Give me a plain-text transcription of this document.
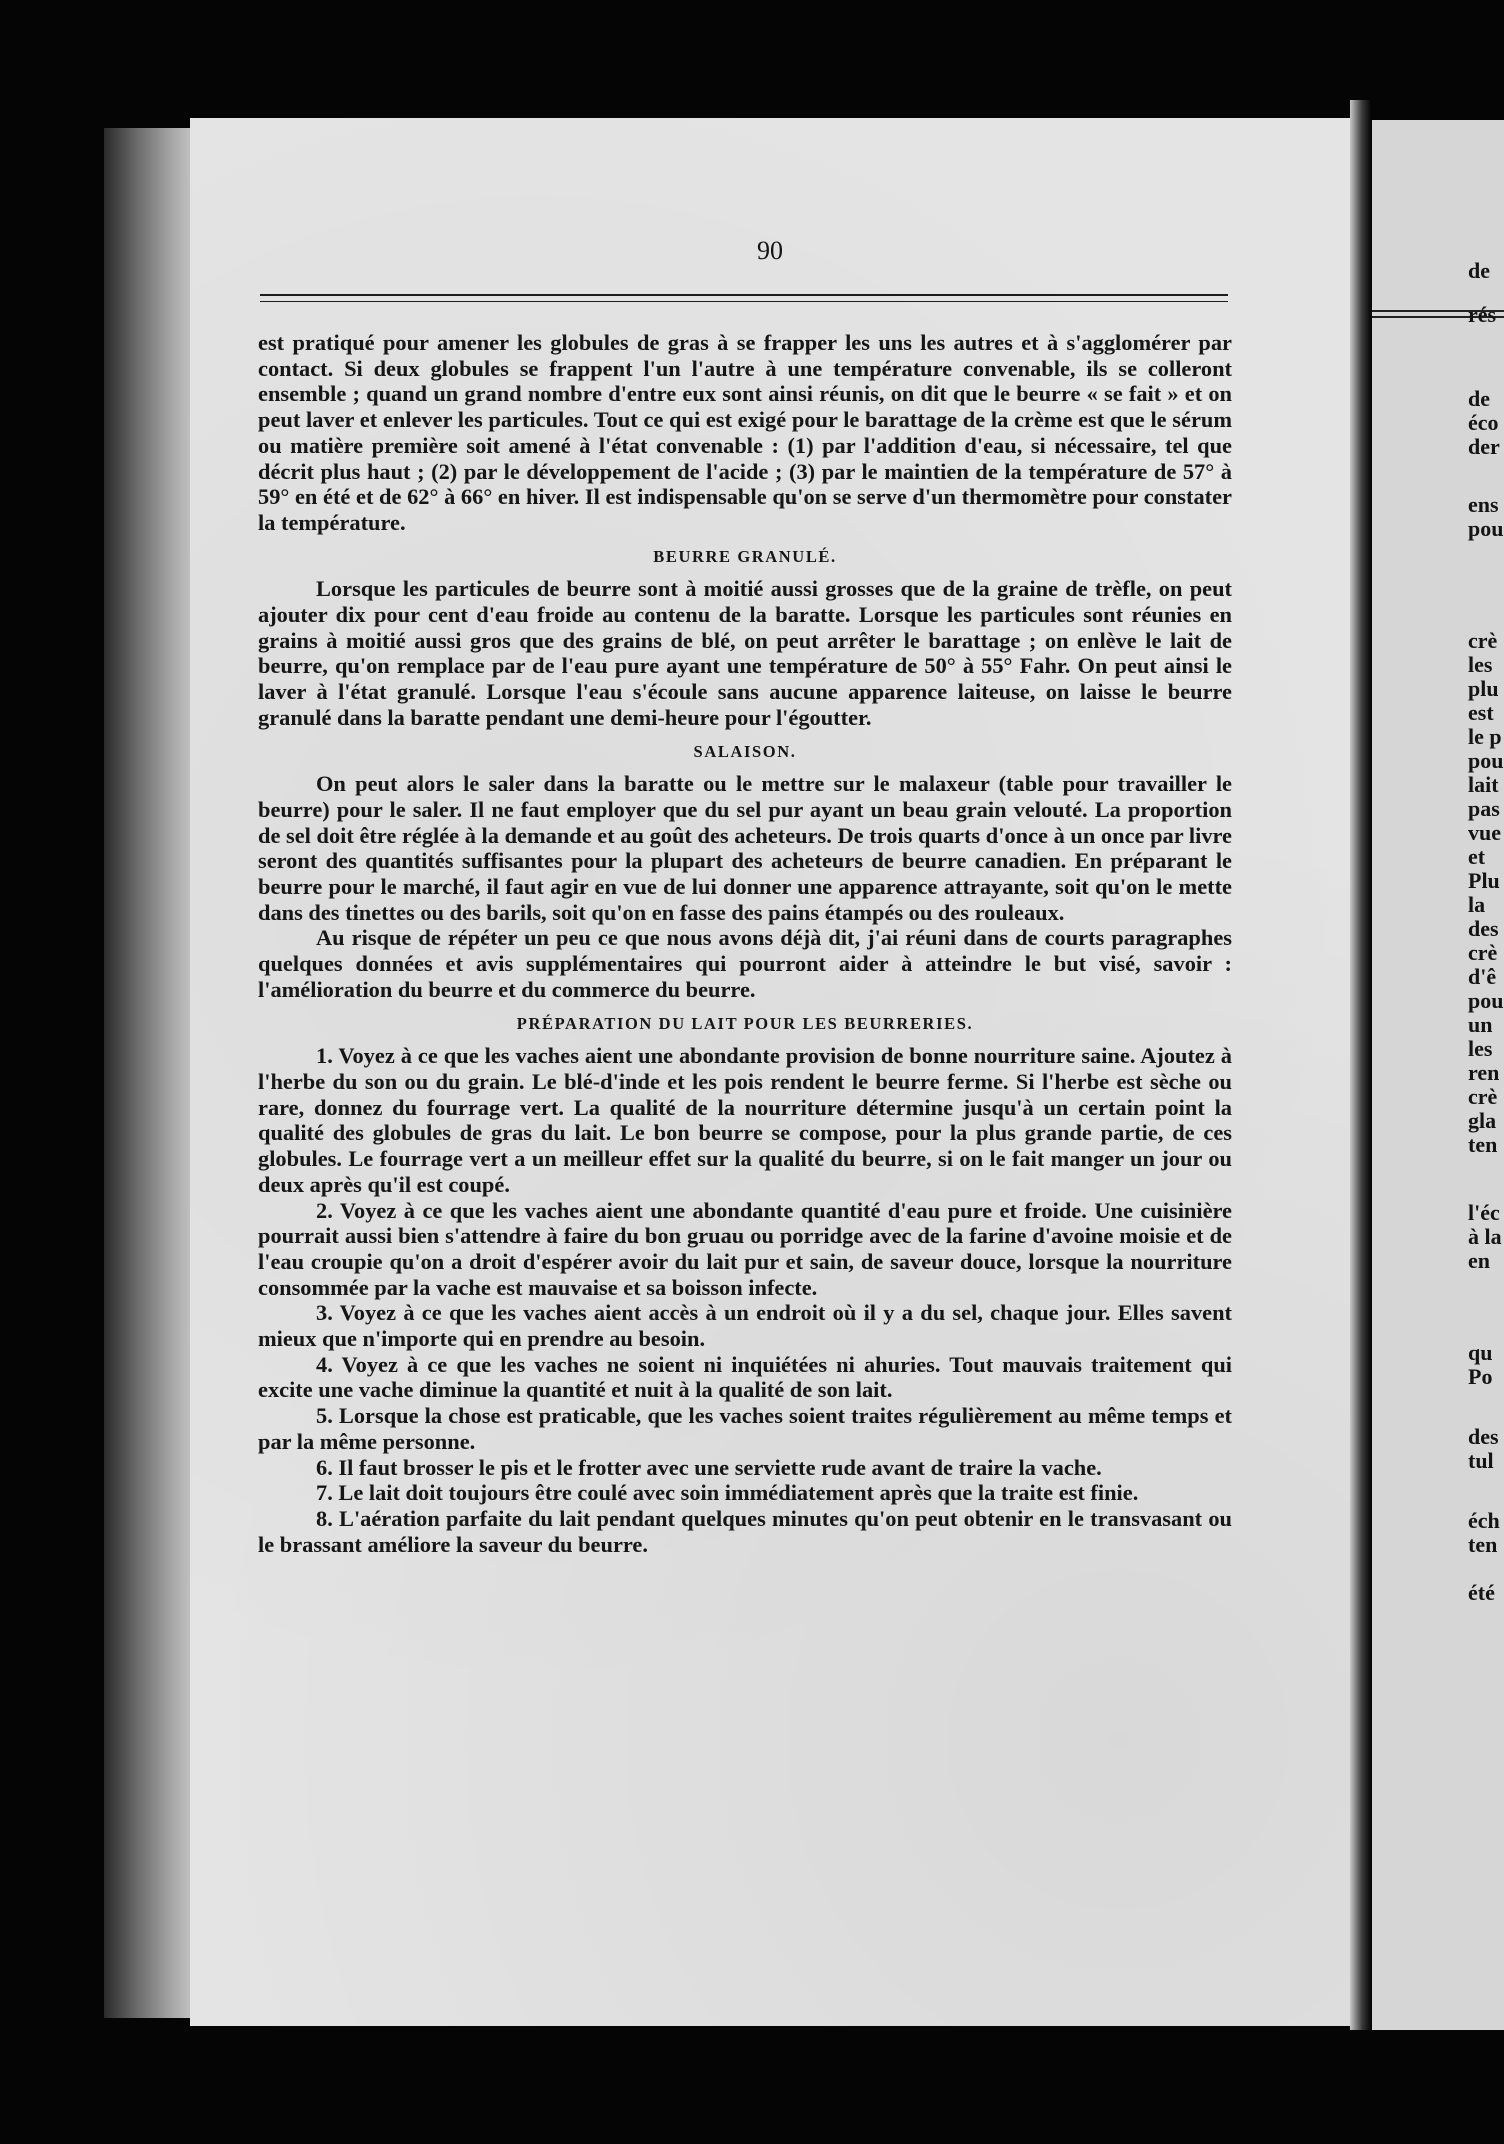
90

est pratiqué pour amener les globules de gras à se frapper les uns les autres et à s'agglomérer par contact. Si deux globules se frappent l'un l'autre à une température convenable, ils se colleront ensemble ; quand un grand nombre d'entre eux sont ainsi réunis, on dit que le beurre « se fait » et on peut laver et enlever les particules. Tout ce qui est exigé pour le barattage de la crème est que le sérum ou matière première soit amené à l'état convenable : (1) par l'addition d'eau, si nécessaire, tel que décrit plus haut ; (2) par le développement de l'acide ; (3) par le maintien de la température de 57° à 59° en été et de 62° à 66° en hiver. Il est indispensable qu'on se serve d'un thermomètre pour constater la température.

BEURRE GRANULÉ.

Lorsque les particules de beurre sont à moitié aussi grosses que de la graine de trèfle, on peut ajouter dix pour cent d'eau froide au contenu de la baratte. Lorsque les particules sont réunies en grains à moitié aussi gros que des grains de blé, on peut arrêter le barattage ; on enlève le lait de beurre, qu'on remplace par de l'eau pure ayant une température de 50° à 55° Fahr. On peut ainsi le laver à l'état granulé. Lorsque l'eau s'écoule sans aucune apparence laiteuse, on laisse le beurre granulé dans la baratte pendant une demi-heure pour l'égoutter.

SALAISON.

On peut alors le saler dans la baratte ou le mettre sur le malaxeur (table pour travailler le beurre) pour le saler. Il ne faut employer que du sel pur ayant un beau grain velouté. La proportion de sel doit être réglée à la demande et au goût des acheteurs. De trois quarts d'once à un once par livre seront des quantités suffisantes pour la plupart des acheteurs de beurre canadien. En préparant le beurre pour le marché, il faut agir en vue de lui donner une apparence attrayante, soit qu'on le mette dans des tinettes ou des barils, soit qu'on en fasse des pains étampés ou des rouleaux.

Au risque de répéter un peu ce que nous avons déjà dit, j'ai réuni dans de courts paragraphes quelques données et avis supplémentaires qui pourront aider à atteindre le but visé, savoir : l'amélioration du beurre et du commerce du beurre.

PRÉPARATION DU LAIT POUR LES BEURRERIES.

1. Voyez à ce que les vaches aient une abondante provision de bonne nourriture saine. Ajoutez à l'herbe du son ou du grain. Le blé-d'inde et les pois rendent le beurre ferme. Si l'herbe est sèche ou rare, donnez du fourrage vert. La qualité de la nourriture détermine jusqu'à un certain point la qualité des globules de gras du lait. Le bon beurre se compose, pour la plus grande partie, de ces globules. Le fourrage vert a un meilleur effet sur la qualité du beurre, si on le fait manger un jour ou deux après qu'il est coupé.

2. Voyez à ce que les vaches aient une abondante quantité d'eau pure et froide. Une cuisinière pourrait aussi bien s'attendre à faire du bon gruau ou porridge avec de la farine d'avoine moisie et de l'eau croupie qu'on a droit d'espérer avoir du lait pur et sain, de saveur douce, lorsque la nourriture consommée par la vache est mauvaise et sa boisson infecte.

3. Voyez à ce que les vaches aient accès à un endroit où il y a du sel, chaque jour. Elles savent mieux que n'importe qui en prendre au besoin.

4. Voyez à ce que les vaches ne soient ni inquiétées ni ahuries. Tout mauvais traitement qui excite une vache diminue la quantité et nuit à la qualité de son lait.

5. Lorsque la chose est praticable, que les vaches soient traites régulièrement au même temps et par la même personne.

6. Il faut brosser le pis et le frotter avec une serviette rude avant de traire la vache.

7. Le lait doit toujours être coulé avec soin immédiatement après que la traite est finie.

8. L'aération parfaite du lait pendant quelques minutes qu'on peut obtenir en le transvasant ou le brassant améliore la saveur du beurre.

de
rés
de
éco
der
ens
pou
crè
les
plu
est
le p
pou
lait
pas
vue
et
Plu
la
des
crè
d'ê
pou
un
les
ren
crè
gla
ten
l'éc
à la
en
qu
Po
des
tul
éch
ten
été
